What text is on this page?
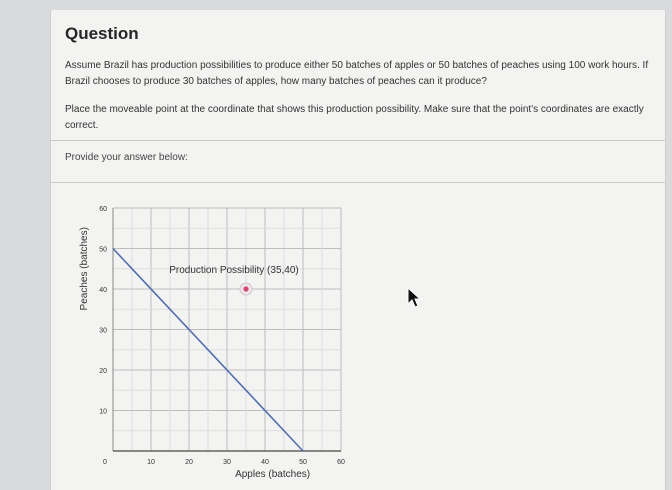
Question
Assume Brazil has production possibilities to produce either 50 batches of apples or 50 batches of peaches using 100 work hours. If Brazil chooses to produce 30 batches of apples, how many batches of peaches can it produce?
Place the moveable point at the coordinate that shows this production possibility. Make sure that the point's coordinates are exactly correct.
Provide your answer below:
0	10	20	30	40	50	60
10
20
30
40
50
60
Apples (batches)
Peaches (batches)	Production Possibility (35,40)
